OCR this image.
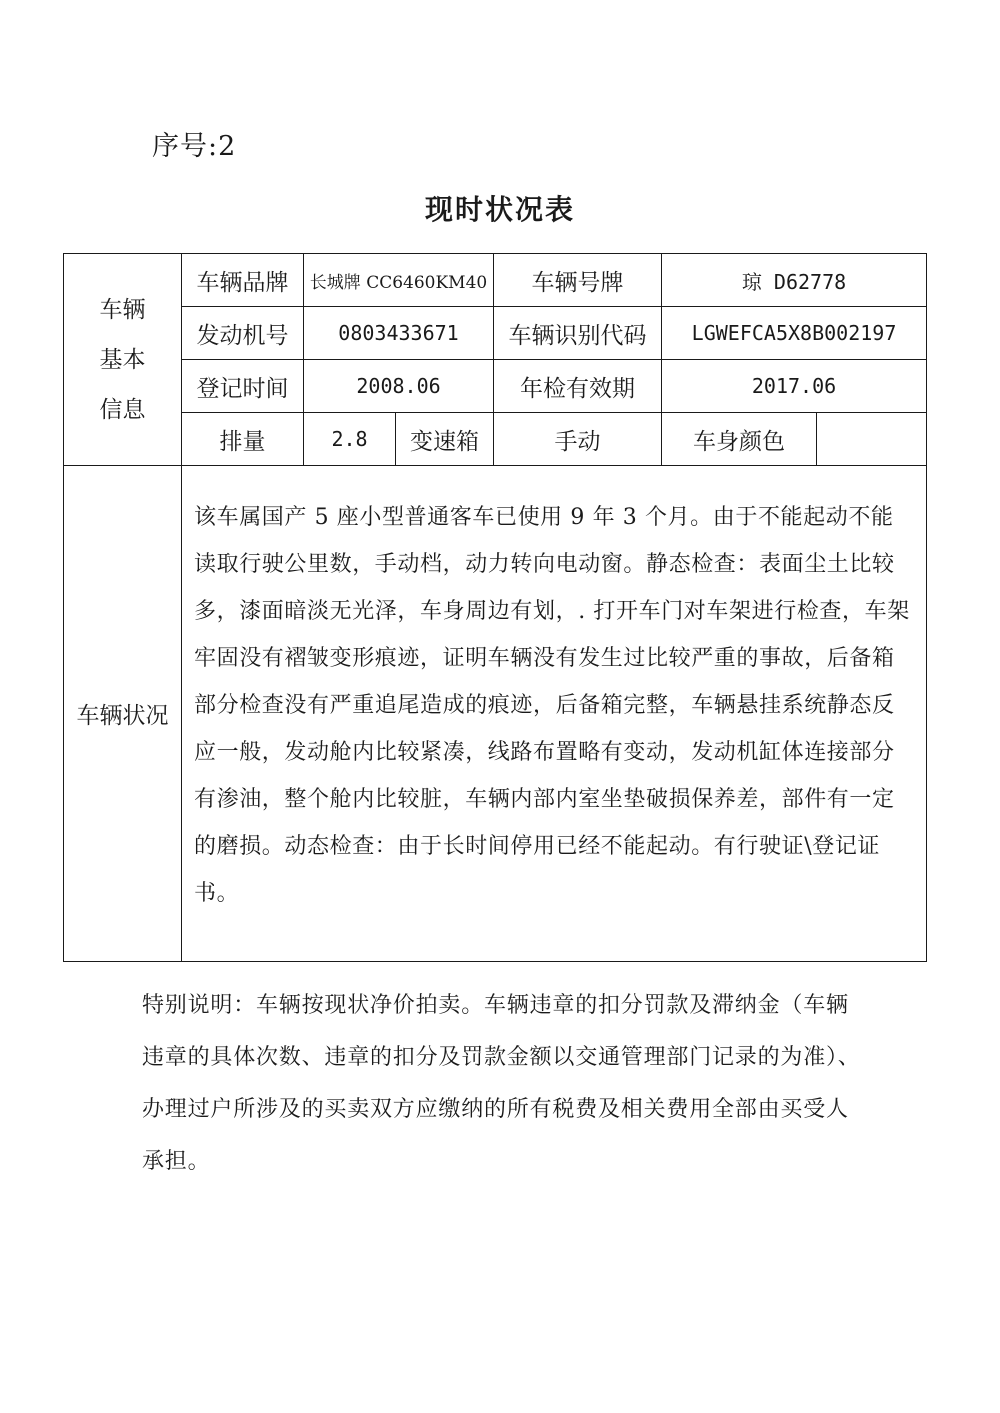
序号:2
现时状况表
车辆
基本
信息	车辆品牌	长城牌 CC6460KM40		车辆号牌	琼 D62778	
	发动机号	0803433671		车辆识别代码	LGWEFCA5X8B002197	
	登记时间	2008.06		年检有效期	2017.06	
	排量	2.8	变速箱	手动	车身颜色	
车辆状况	该车属国产 5 座小型普通客车已使用 9 年 3 个月。由于不能起动不能读取行驶公里数，手动档，动力转向电动窗。静态检查：表面尘土比较多，漆面暗淡无光泽，车身周边有划，. 打开车门对车架进行检查，车架牢固没有褶皱变形痕迹，证明车辆没有发生过比较严重的事故，后备箱部分检查没有严重追尾造成的痕迹，后备箱完整，车辆悬挂系统静态反应一般，发动舱内比较紧凑，线路布置略有变动，发动机缸体连接部分有渗油，整个舱内比较脏，车辆内部内室坐垫破损保养差，部件有一定的磨损。动态检查：由于长时间停用已经不能起动。有行驶证\登记证书。					
特别说明：车辆按现状净价拍卖。车辆违章的扣分罚款及滞纳金（车辆违章的具体次数、违章的扣分及罚款金额以交通管理部门记录的为准）、办理过户所涉及的买卖双方应缴纳的所有税费及相关费用全部由买受人承担。
